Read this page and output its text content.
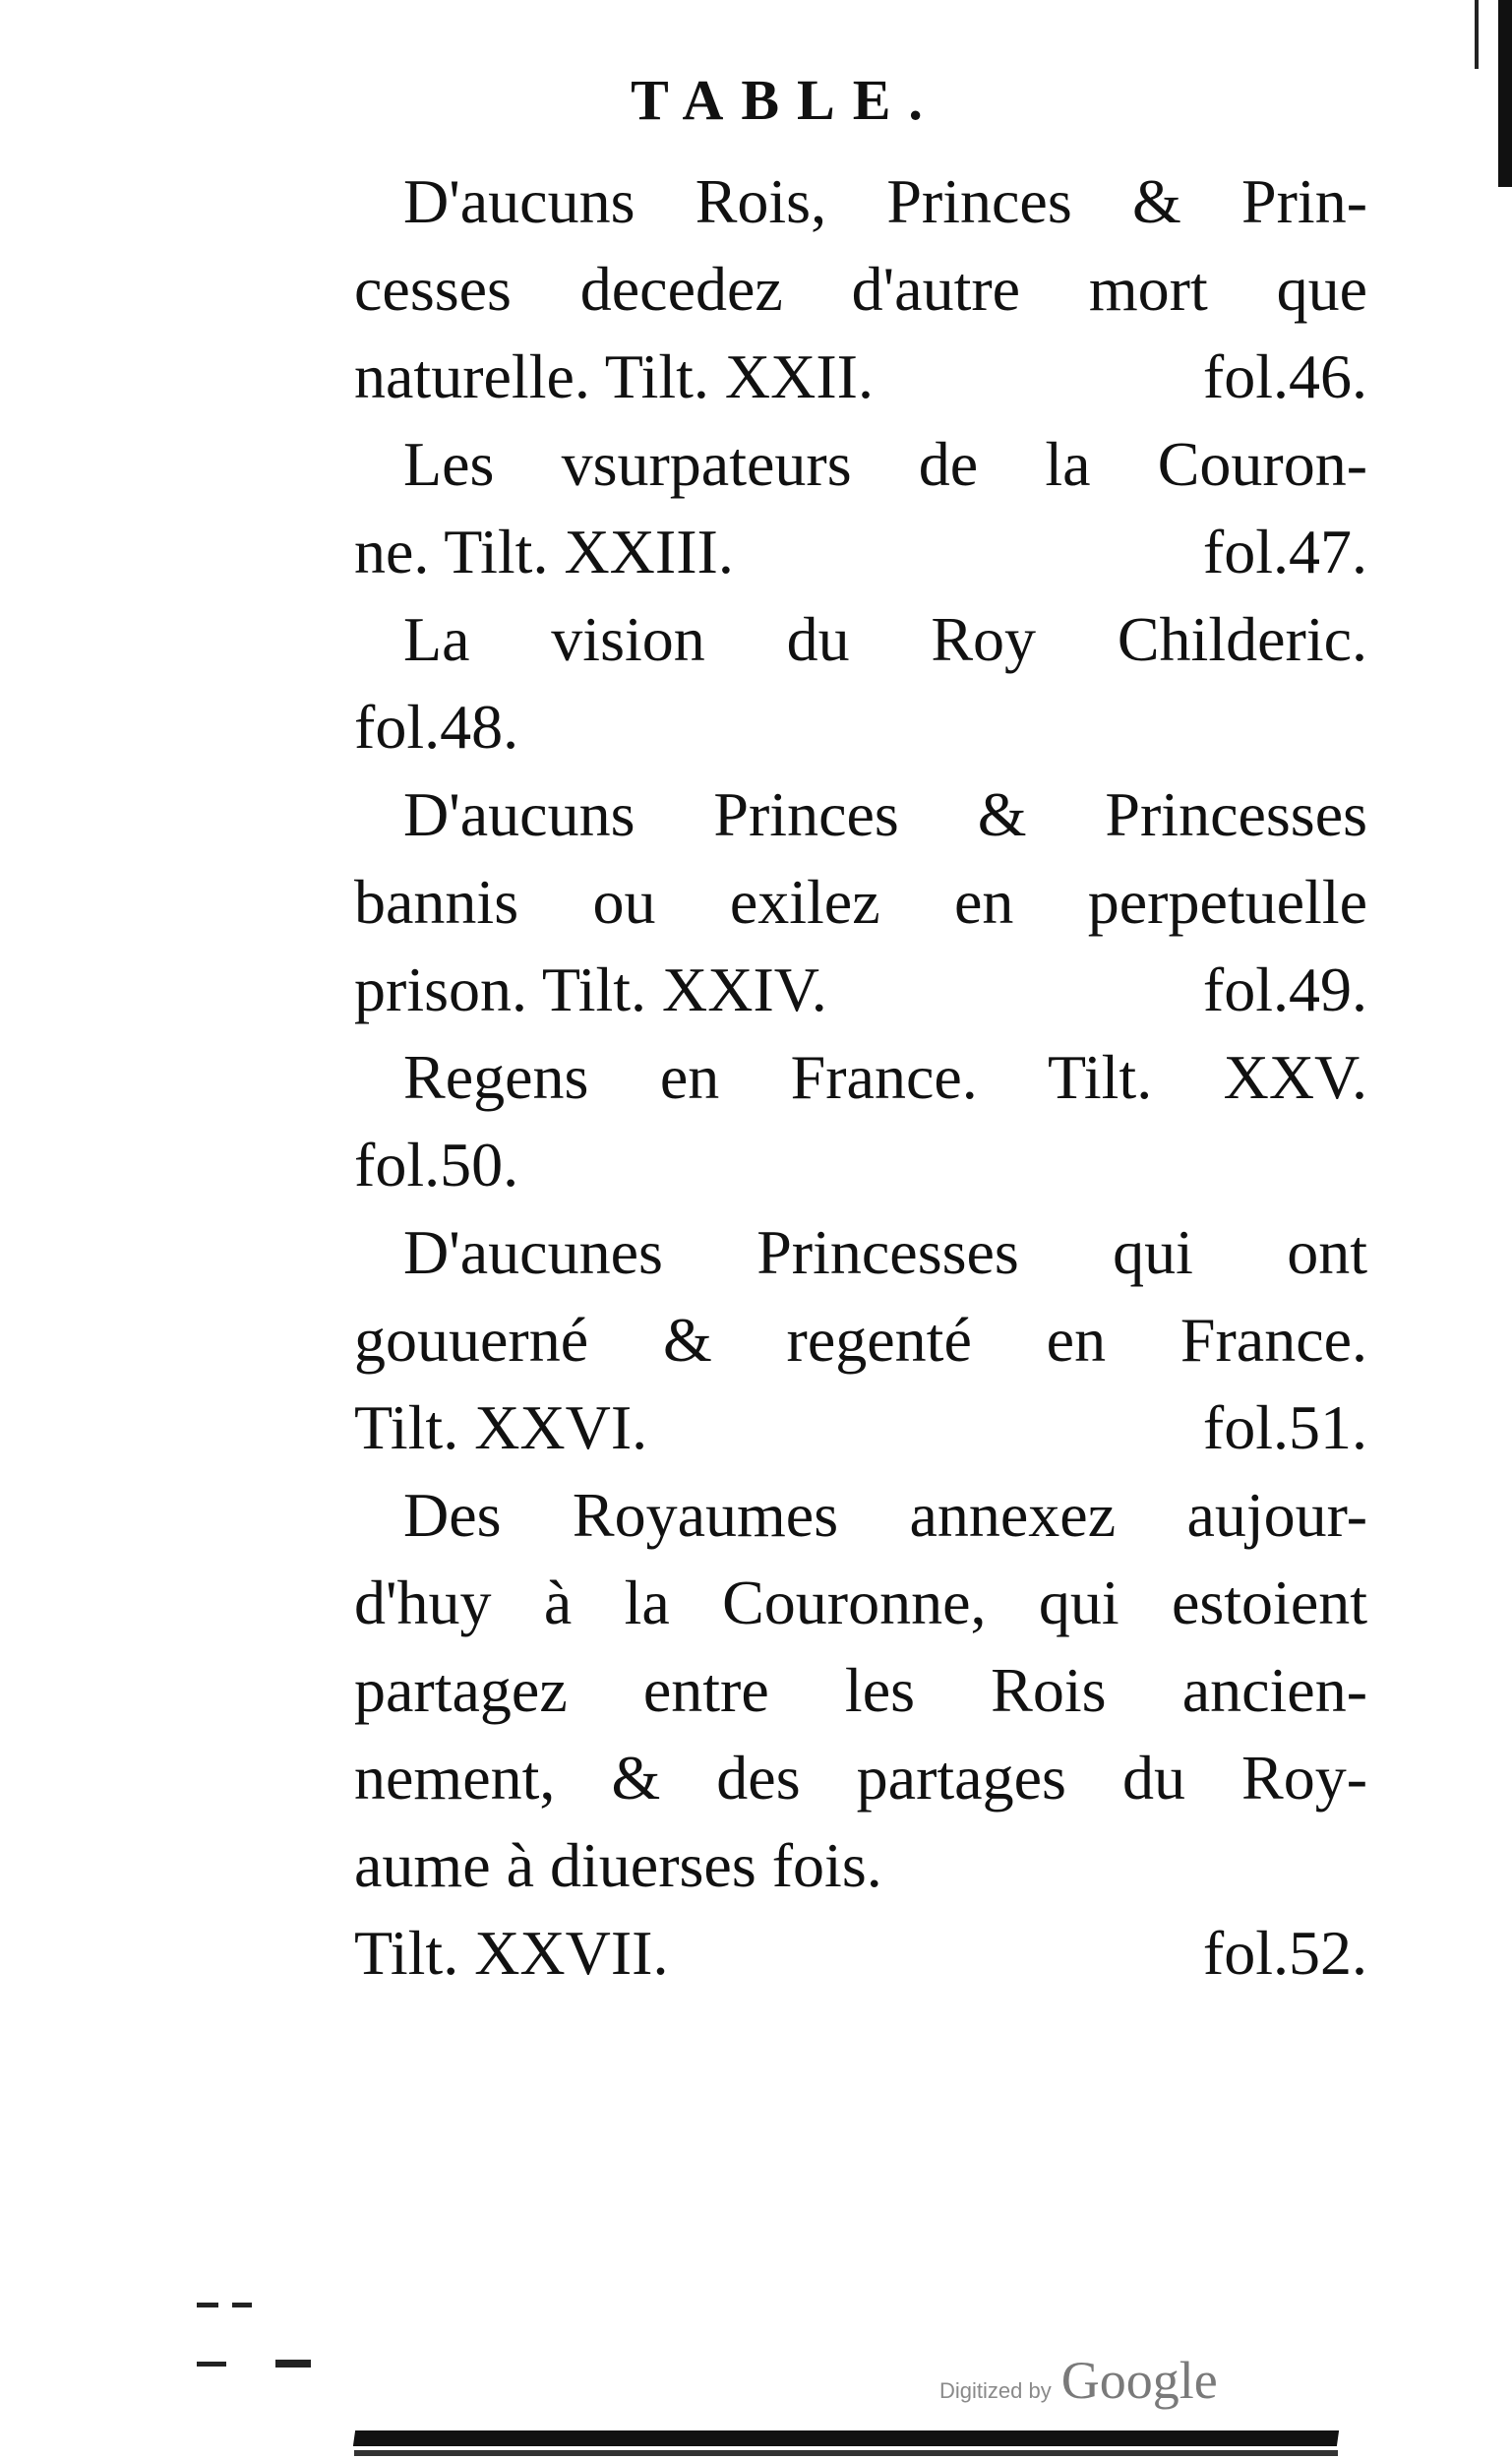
TABLE.
D'aucuns Rois, Princes & Prin-
cesses decedez d'autre mort que
naturelle. Tilt. XXII.	fol.46.
Les vsurpateurs de la Couron-
ne. Tilt. XXIII.	fol.47.
La vision du Roy Childeric.
fol.48.
D'aucuns Princes & Princesses
bannis ou exilez en perpetuelle
prison. Tilt. XXIV.	fol.49.
Regens en France. Tilt. XXV.
fol.50.
D'aucunes Princesses qui ont
gouuerné & regenté en France.
Tilt. XXVI.	fol.51.
Des Royaumes annexez aujour-
d'huy à la Couronne, qui estoient
partagez entre les Rois ancien-
nement, & des partages du Roy-
aume à diuerses fois.
Tilt. XXVII.	fol.52.
Digitized by Google
